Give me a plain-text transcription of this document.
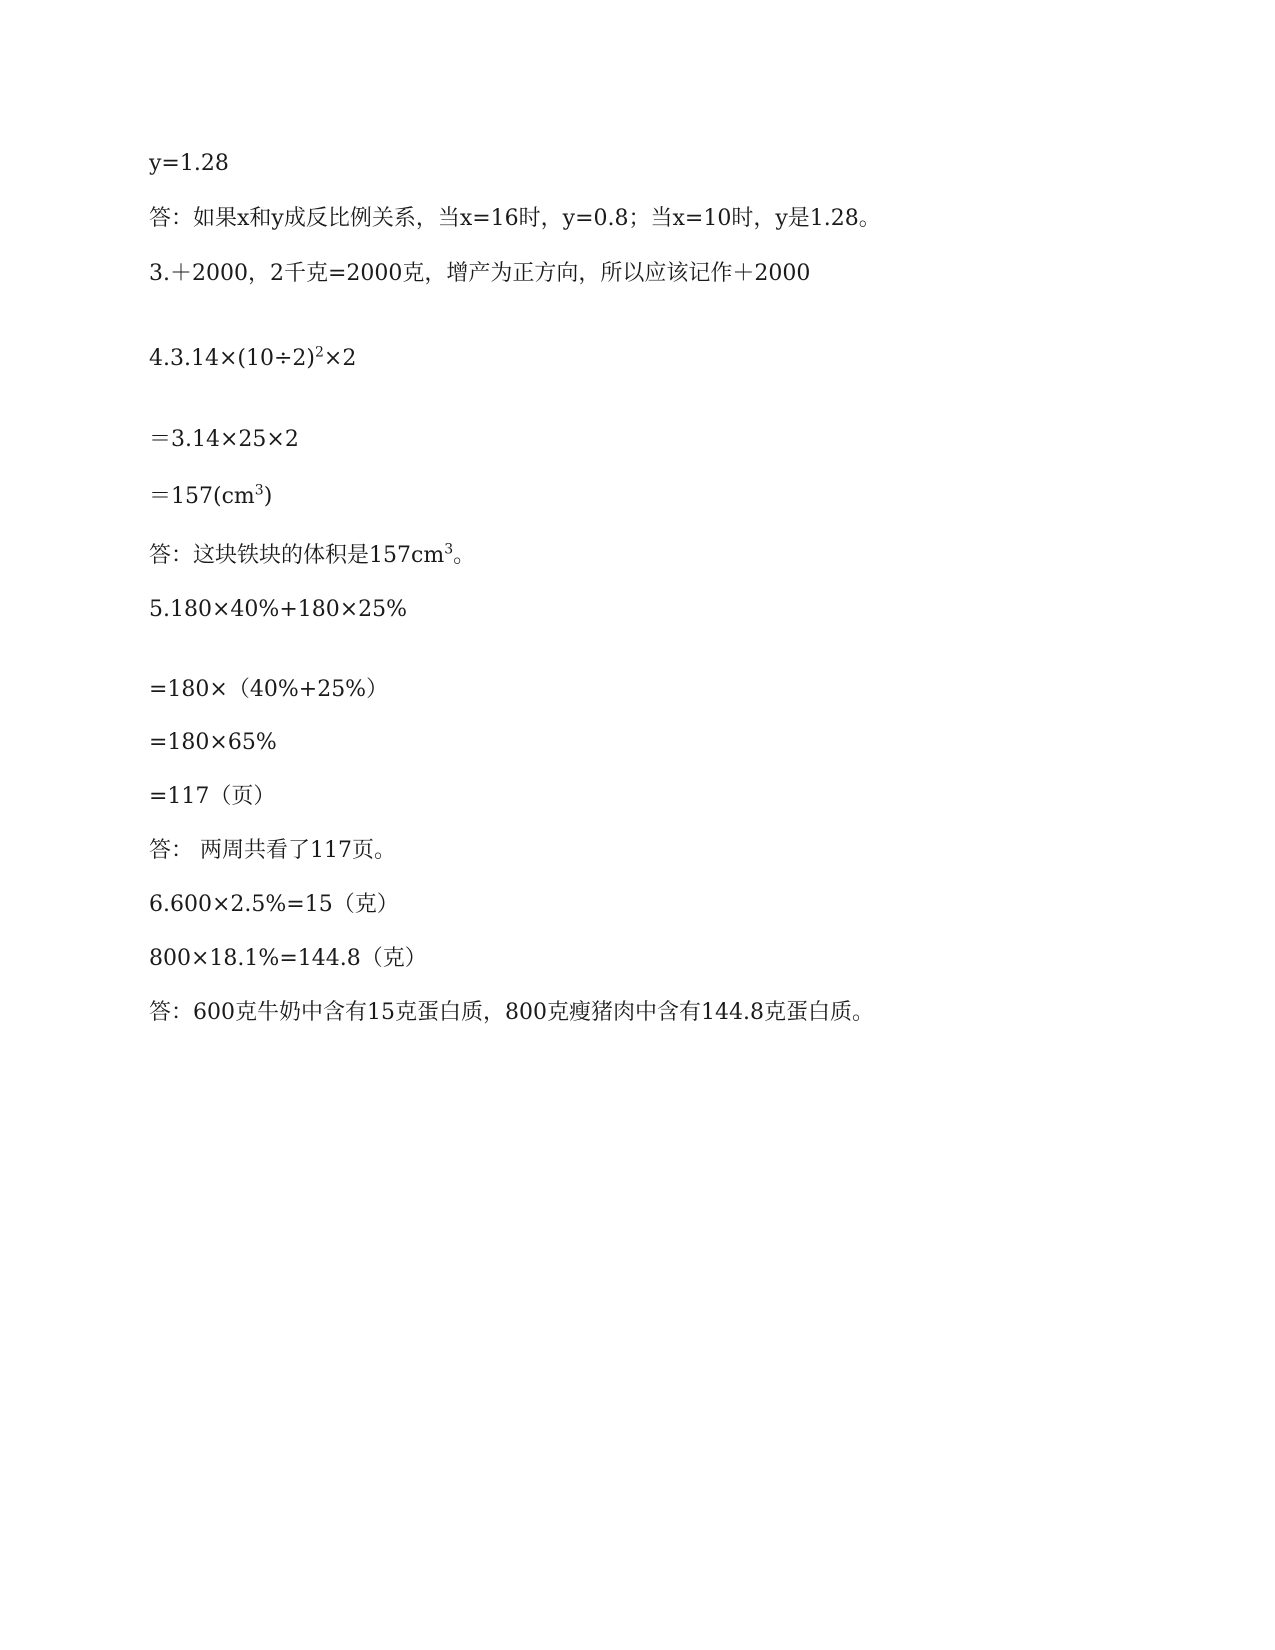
y=1.28
答：如果x和y成反比例关系，当x=16时，y=0.8；当x=10时，y是1.28。
3.＋2000，2千克=2000克，增产为正方向，所以应该记作＋2000
$4.3.14\times(10\div 2)^2\times 2$
＝3.14×25×2
$=157(cm^3)$
答：这块铁块的体积是$157cm^3$。
5.180×40%+180×25%
=180×（40%+25%）
=180×65%
=117（页）
答： 两周共看了117页。
6.600×2.5%=15（克）
800×18.1%=144.8（克）
答：600克牛奶中含有15克蛋白质，800克瘦猪肉中含有144.8克蛋白质。
